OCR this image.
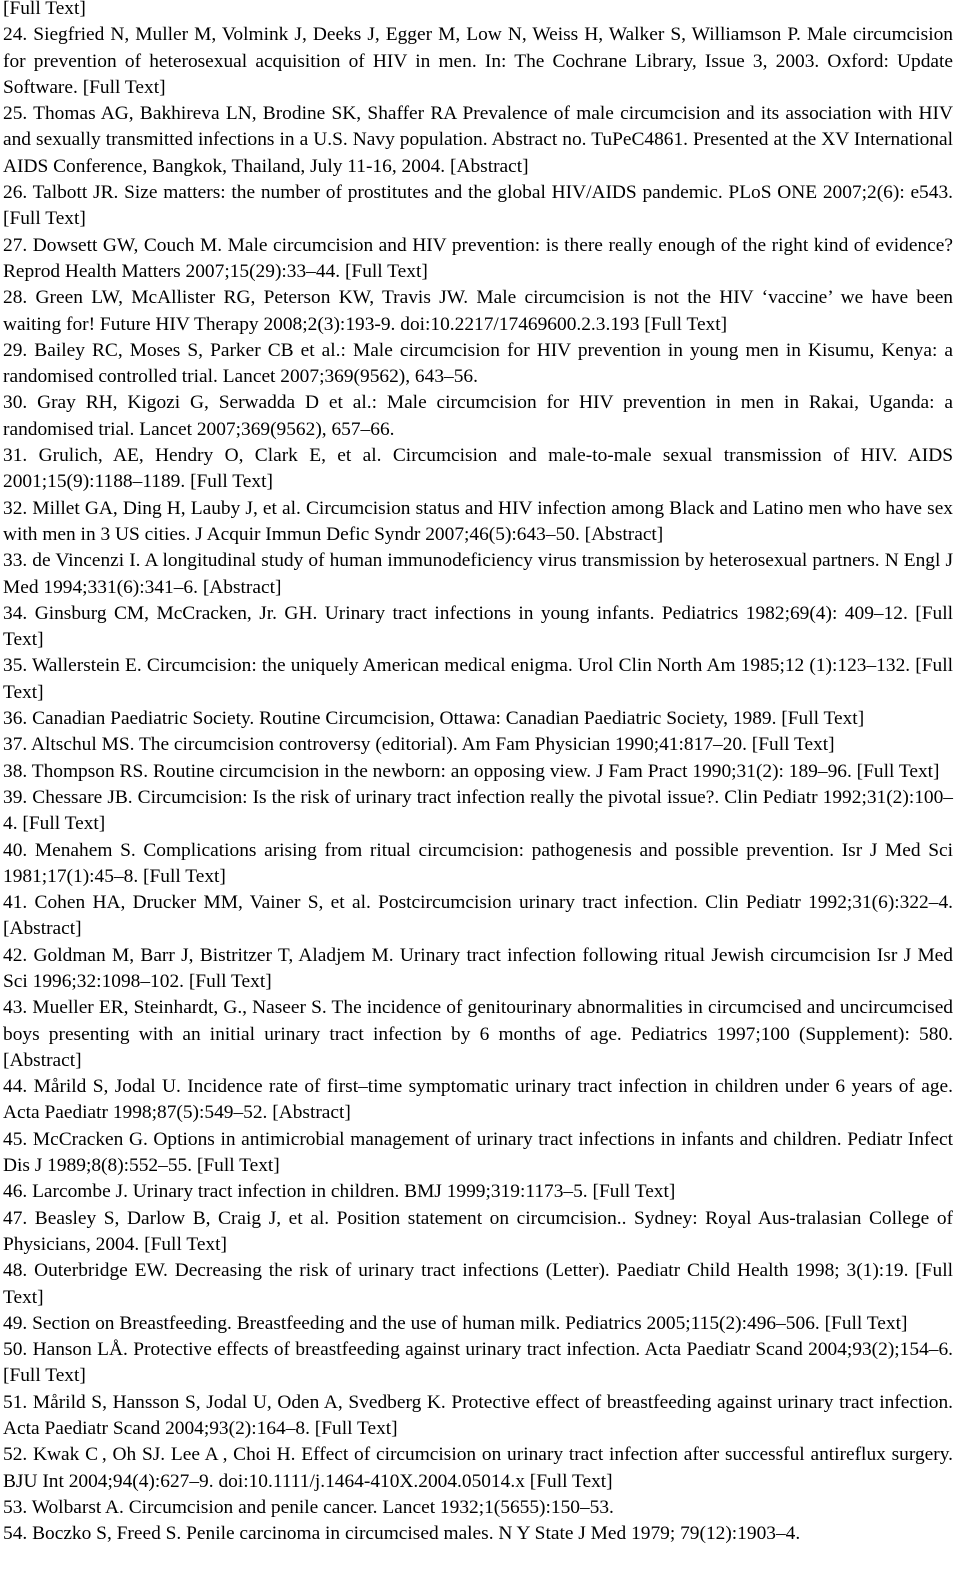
[Full Text]

24. Siegfried N, Muller M, Volmink J, Deeks J, Egger M, Low N, Weiss H, Walker S, Williamson P. Male circumcision for prevention of heterosexual acquisition of HIV in men. In: The Cochrane Library, Issue 3, 2003. Oxford: Update Software. [Full Text]

25. Thomas AG, Bakhireva LN, Brodine SK, Shaffer RA Prevalence of male circumcision and its association with HIV and sexually transmitted infections in a U.S. Navy population. Abstract no. TuPeC4861. Presented at the XV International AIDS Conference, Bangkok, Thailand, July 11-16, 2004. [Abstract]

26. Talbott JR. Size matters: the number of prostitutes and the global HIV/AIDS pandemic. PLoS ONE 2007;2(6): e543. [Full Text]

27. Dowsett GW, Couch M. Male circumcision and HIV prevention: is there really enough of the right kind of evidence? Reprod Health Matters 2007;15(29):33–44. [Full Text]

28. Green LW, McAllister RG, Peterson KW, Travis JW. Male circumcision is not the HIV ‘vaccine’ we have been waiting for! Future HIV Therapy 2008;2(3):193-9. doi:10.2217/17469600.2.3.193 [Full Text]

29. Bailey RC, Moses S, Parker CB et al.: Male circumcision for HIV prevention in young men in Kisumu, Kenya: a randomised controlled trial. Lancet 2007;369(9562), 643–56.

30. Gray RH, Kigozi G, Serwadda D et al.: Male circumcision for HIV prevention in men in Rakai, Uganda: a randomised trial. Lancet 2007;369(9562), 657–66.

31. Grulich, AE, Hendry O, Clark E, et al. Circumcision and male-to-male sexual transmission of HIV. AIDS 2001;15(9):1188–1189. [Full Text]

32. Millet GA, Ding H, Lauby J, et al. Circumcision status and HIV infection among Black and Latino men who have sex with men in 3 US cities. J Acquir Immun Defic Syndr 2007;46(5):643–50. [Abstract]

33. de Vincenzi I. A longitudinal study of human immunodeficiency virus transmission by heterosexual partners. N Engl J Med 1994;331(6):341–6. [Abstract]

34. Ginsburg CM, McCracken, Jr. GH. Urinary tract infections in young infants. Pediatrics 1982;69(4): 409–12. [Full Text]

35. Wallerstein E. Circumcision: the uniquely American medical enigma. Urol Clin North Am 1985;12 (1):123–132. [Full Text]

36. Canadian Paediatric Society. Routine Circumcision, Ottawa: Canadian Paediatric Society, 1989. [Full Text]

37. Altschul MS. The circumcision controversy (editorial). Am Fam Physician 1990;41:817–20. [Full Text]

38. Thompson RS. Routine circumcision in the newborn: an opposing view. J Fam Pract 1990;31(2): 189–96. [Full Text]

39. Chessare JB. Circumcision: Is the risk of urinary tract infection really the pivotal issue?. Clin Pediatr 1992;31(2):100–4. [Full Text]

40. Menahem S. Complications arising from ritual circumcision: pathogenesis and possible prevention. Isr J Med Sci 1981;17(1):45–8. [Full Text]

41. Cohen HA, Drucker MM, Vainer S, et al. Postcircumcision urinary tract infection. Clin Pediatr 1992;31(6):322–4. [Abstract]

42. Goldman M, Barr J, Bistritzer T, Aladjem M. Urinary tract infection following ritual Jewish circumcision Isr J Med Sci 1996;32:1098–102. [Full Text]

43. Mueller ER, Steinhardt, G., Naseer S. The incidence of genitourinary abnormalities in circumcised and uncircumcised boys presenting with an initial urinary tract infection by 6 months of age. Pediatrics 1997;100 (Supplement): 580. [Abstract]

44. Mårild S, Jodal U. Incidence rate of first–time symptomatic urinary tract infection in children under 6 years of age. Acta Paediatr 1998;87(5):549–52. [Abstract]

45. McCracken G. Options in antimicrobial management of urinary tract infections in infants and children. Pediatr Infect Dis J 1989;8(8):552–55. [Full Text]

46. Larcombe J. Urinary tract infection in children. BMJ 1999;319:1173–5. [Full Text]

47. Beasley S, Darlow B, Craig J, et al. Position statement on circumcision.. Sydney: Royal Aus-tralasian College of Physicians, 2004. [Full Text]

48. Outerbridge EW. Decreasing the risk of urinary tract infections (Letter). Paediatr Child Health 1998; 3(1):19. [Full Text]

49. Section on Breastfeeding. Breastfeeding and the use of human milk. Pediatrics 2005;115(2):496–506. [Full Text]

50. Hanson LÅ. Protective effects of breastfeeding against urinary tract infection. Acta Paediatr Scand 2004;93(2);154–6. [Full Text]

51. Mårild S, Hansson S, Jodal U, Oden A, Svedberg K. Protective effect of breastfeeding against urinary tract infection. Acta Paediatr Scand 2004;93(2):164–8. [Full Text]

52. Kwak C , Oh SJ. Lee A , Choi H. Effect of circumcision on urinary tract infection after successful antireflux surgery. BJU Int 2004;94(4):627–9. doi:10.1111/j.1464-410X.2004.05014.x [Full Text]

53. Wolbarst A. Circumcision and penile cancer. Lancet 1932;1(5655):150–53.

54. Boczko S, Freed S. Penile carcinoma in circumcised males. N Y State J Med 1979; 79(12):1903–4.
